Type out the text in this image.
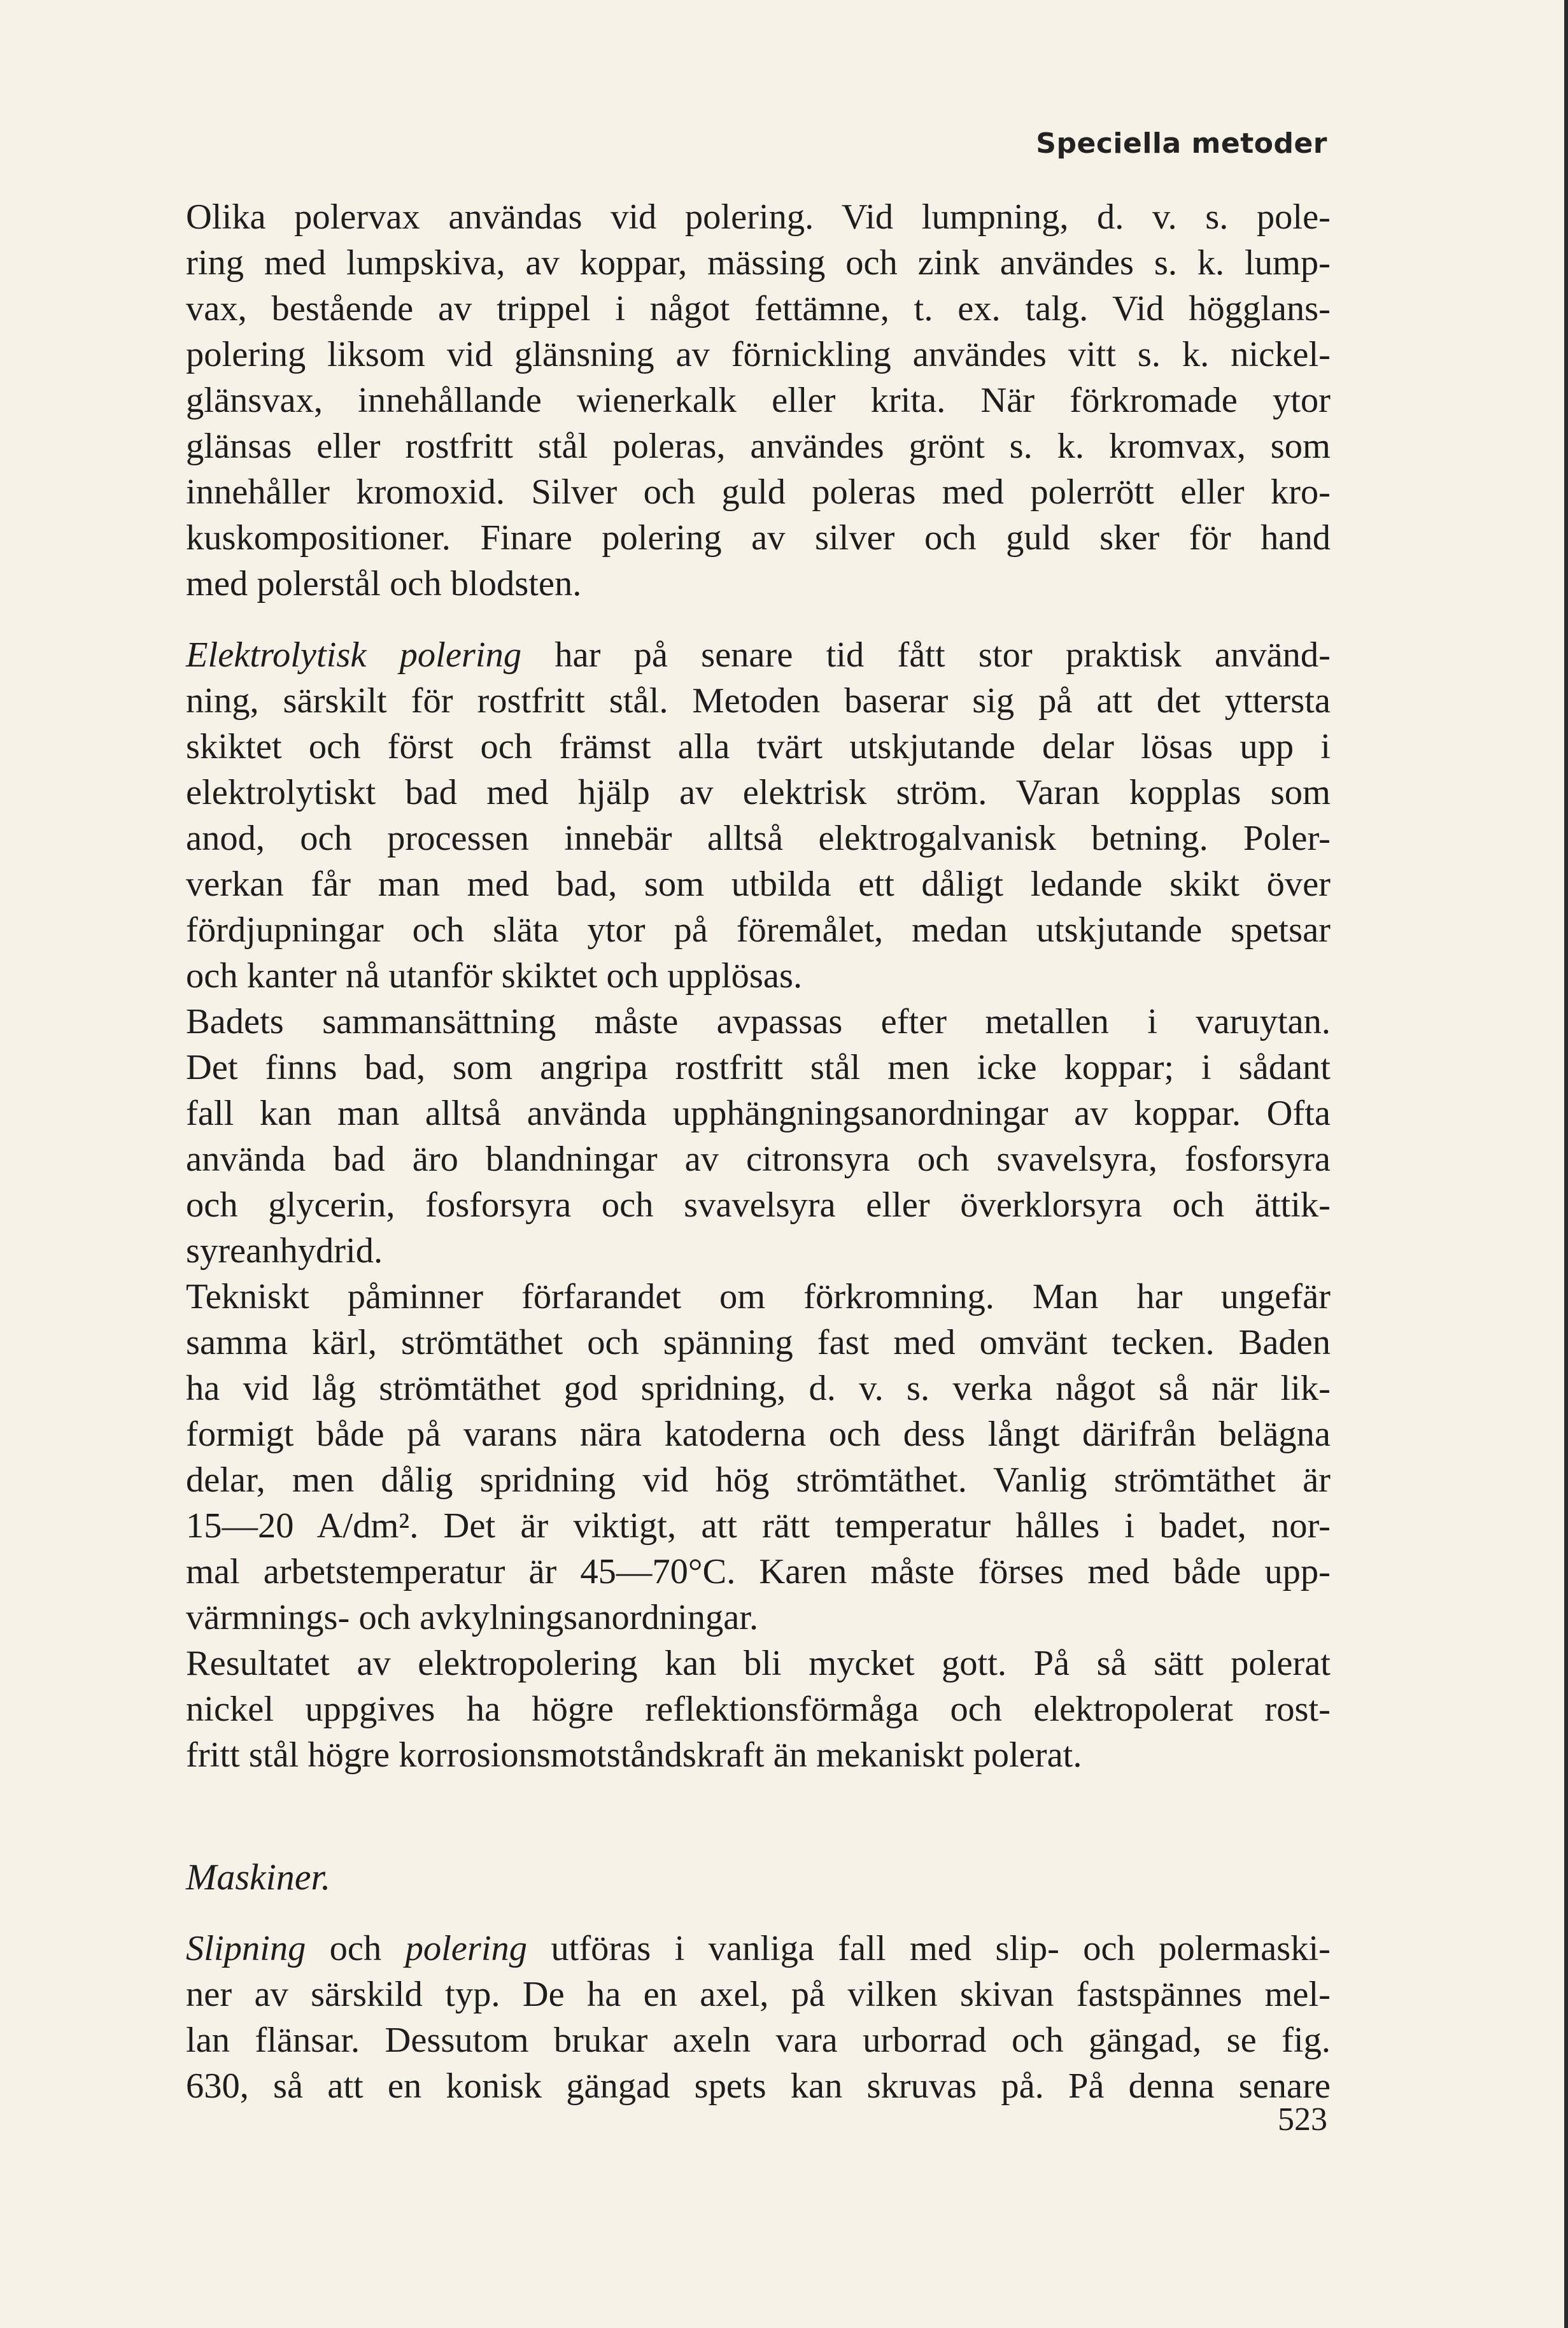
Speciella metoder
Olika polervax användas vid polering. Vid lumpning, d. v. s. pole-
ring med lumpskiva, av koppar, mässing och zink användes s. k. lump-
vax, bestående av trippel i något fettämne, t. ex. talg. Vid högglans-
polering liksom vid glänsning av förnickling användes vitt s. k. nickel-
glänsvax, innehållande wienerkalk eller krita. När förkromade ytor
glänsas eller rostfritt stål poleras, användes grönt s. k. kromvax, som
innehåller kromoxid. Silver och guld poleras med polerrött eller kro-
kuskompositioner. Finare polering av silver och guld sker för hand
med polerstål och blodsten.
Elektrolytisk polering har på senare tid fått stor praktisk använd-
ning, särskilt för rostfritt stål. Metoden baserar sig på att det yttersta
skiktet och först och främst alla tvärt utskjutande delar lösas upp i
elektrolytiskt bad med hjälp av elektrisk ström. Varan kopplas som
anod, och processen innebär alltså elektrogalvanisk betning. Poler-
verkan får man med bad, som utbilda ett dåligt ledande skikt över
fördjupningar och släta ytor på föremålet, medan utskjutande spetsar
och kanter nå utanför skiktet och upplösas.
Badets sammansättning måste avpassas efter metallen i varuytan.
Det finns bad, som angripa rostfritt stål men icke koppar; i sådant
fall kan man alltså använda upphängningsanordningar av koppar. Ofta
använda bad äro blandningar av citronsyra och svavelsyra, fosforsyra
och glycerin, fosforsyra och svavelsyra eller överklorsyra och ättik-
syreanhydrid.
Tekniskt påminner förfarandet om förkromning. Man har ungefär
samma kärl, strömtäthet och spänning fast med omvänt tecken. Baden
ha vid låg strömtäthet god spridning, d. v. s. verka något så när lik-
formigt både på varans nära katoderna och dess långt därifrån belägna
delar, men dålig spridning vid hög strömtäthet. Vanlig strömtäthet är
15—20 A/dm². Det är viktigt, att rätt temperatur hålles i badet, nor-
mal arbetstemperatur är 45—70°C. Karen måste förses med både upp-
värmnings- och avkylningsanordningar.
Resultatet av elektropolering kan bli mycket gott. På så sätt polerat
nickel uppgives ha högre reflektionsförmåga och elektropolerat rost-
fritt stål högre korrosionsmotståndskraft än mekaniskt polerat.
Maskiner.
Slipning och polering utföras i vanliga fall med slip- och polermaski-
ner av särskild typ. De ha en axel, på vilken skivan fastspännes mel-
lan flänsar. Dessutom brukar axeln vara urborrad och gängad, se fig.
630, så att en konisk gängad spets kan skruvas på. På denna senare
523
